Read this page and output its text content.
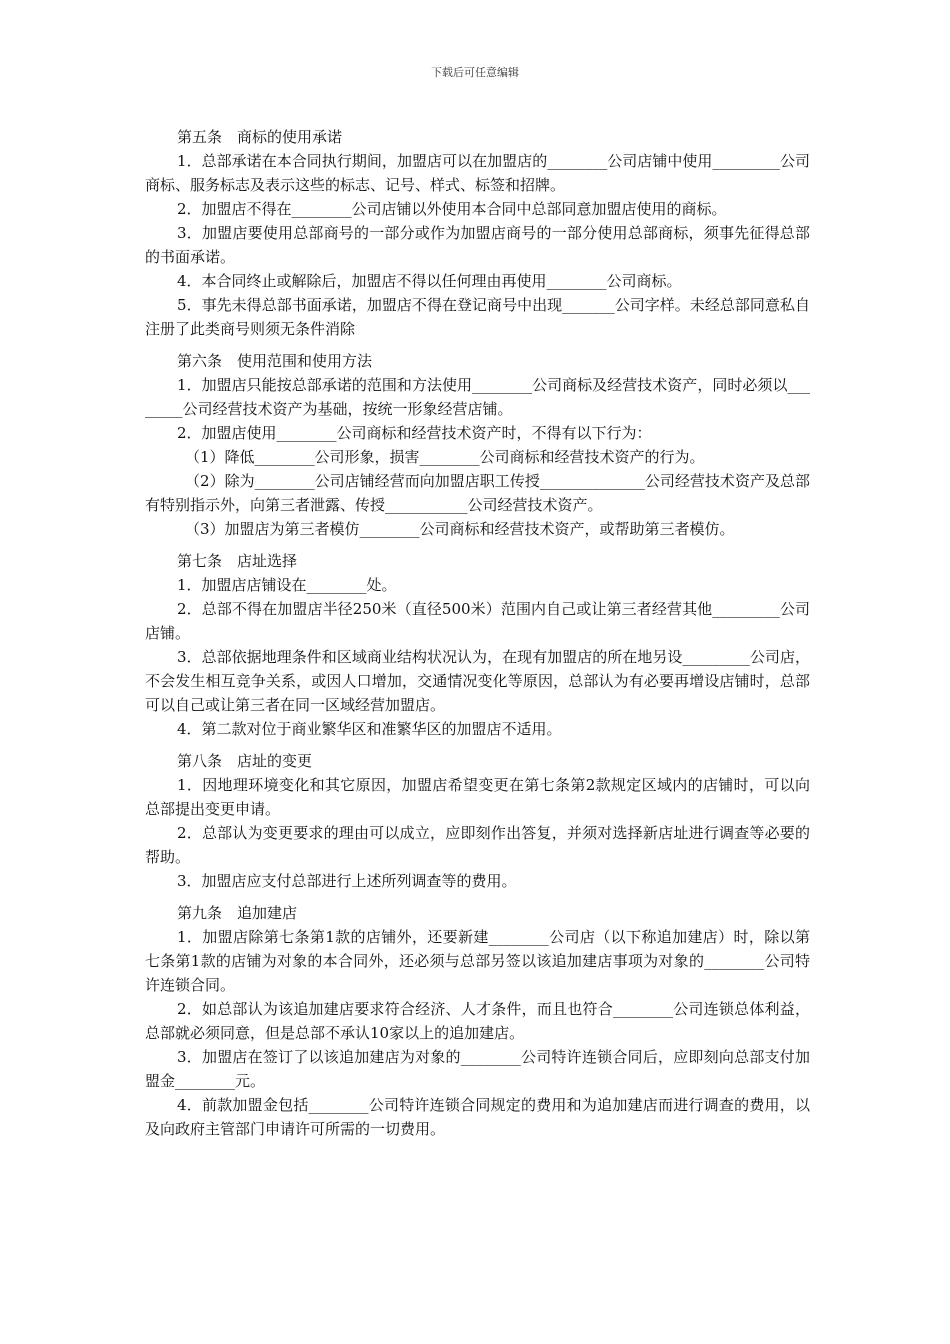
下载后可任意编辑

第五条　商标的使用承诺

1．总部承诺在本合同执行期间，加盟店可以在加盟店的________公司店铺中使用_________公司商标、服务标志及表示这些的标志、记号、样式、标签和招牌。

2．加盟店不得在________公司店铺以外使用本合同中总部同意加盟店使用的商标。

3．加盟店要使用总部商号的一部分或作为加盟店商号的一部分使用总部商标，须事先征得总部的书面承诺。

4．本合同终止或解除后，加盟店不得以任何理由再使用________公司商标。

5．事先未得总部书面承诺，加盟店不得在登记商号中出现_______公司字样。未经总部同意私自注册了此类商号则须无条件消除

第六条　使用范围和使用方法

1．加盟店只能按总部承诺的范围和方法使用________公司商标及经营技术资产，同时必须以________公司经营技术资产为基础，按统一形象经营店铺。

2．加盟店使用________公司商标和经营技术资产时，不得有以下行为：

（1）降低________公司形象，损害________公司商标和经营技术资产的行为。

（2）除为________公司店铺经营而向加盟店职工传授______________公司经营技术资产及总部有特别指示外，向第三者泄露、传授___________公司经营技术资产。

（3）加盟店为第三者模仿________公司商标和经营技术资产，或帮助第三者模仿。

第七条　店址选择

1．加盟店店铺设在________处。

2．总部不得在加盟店半径250米（直径500米）范围内自己或让第三者经营其他_________公司店铺。

3．总部依据地理条件和区域商业结构状况认为，在现有加盟店的所在地另设_________公司店，不会发生相互竞争关系，或因人口增加，交通情况变化等原因，总部认为有必要再增设店铺时，总部可以自己或让第三者在同一区域经营加盟店。

4．第二款对位于商业繁华区和准繁华区的加盟店不适用。

第八条　店址的变更

1．因地理环境变化和其它原因，加盟店希望变更在第七条第2款规定区域内的店铺时，可以向总部提出变更申请。

2．总部认为变更要求的理由可以成立，应即刻作出答复，并须对选择新店址进行调查等必要的帮助。

3．加盟店应支付总部进行上述所列调查等的费用。

第九条　追加建店

1．加盟店除第七条第1款的店铺外，还要新建________公司店（以下称追加建店）时，除以第七条第1款的店铺为对象的本合同外，还必须与总部另签以该追加建店事项为对象的________公司特许连锁合同。

2．如总部认为该追加建店要求符合经济、人才条件，而且也符合________公司连锁总体利益，总部就必须同意，但是总部不承认10家以上的追加建店。

3．加盟店在签订了以该追加建店为对象的________公司特许连锁合同后，应即刻向总部支付加盟金________元。

4．前款加盟金包括________公司特许连锁合同规定的费用和为追加建店而进行调查的费用，以及向政府主管部门申请许可所需的一切费用。
